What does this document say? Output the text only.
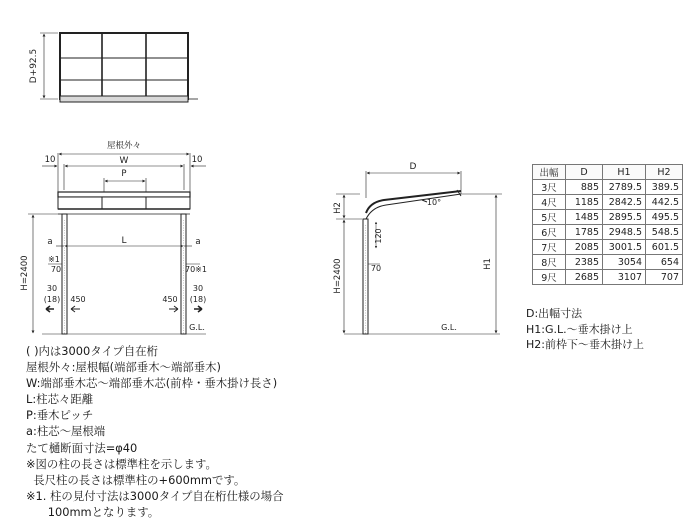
D+92.5
屋根外々
W
10	10
P
a	a
L
※1
70	70※1
H=2400 30
(18)
30
(18)
450	450
G.L.
D
10°
H2
120
70
H=2400	H1
G.L.
出幅	D	H1	H2
3尺	885	2789.5	389.5
4尺	1185	2842.5	442.5
5尺	1485	2895.5	495.5
6尺	1785	2948.5	548.5
7尺	2085	3001.5	601.5
8尺	2385	3054	654
9尺	2685	3107	707
D:出幅寸法
H1:G.L.～垂木掛け上
H2:前枠下～垂木掛け上
( )内は3000タイプ自在桁
屋根外々:屋根幅(端部垂木～端部垂木)
W:端部垂木芯～端部垂木芯(前枠・垂木掛け長さ)
L:柱芯々距離
P:垂木ピッチ
a:柱芯～屋根端
たて樋断面寸法=φ40
※図の柱の長さは標準柱を示します。
長尺柱の長さは標準柱の+600mmです。
※1. 柱の見付寸法は3000タイプ自在桁仕様の場合
100mmとなります。
